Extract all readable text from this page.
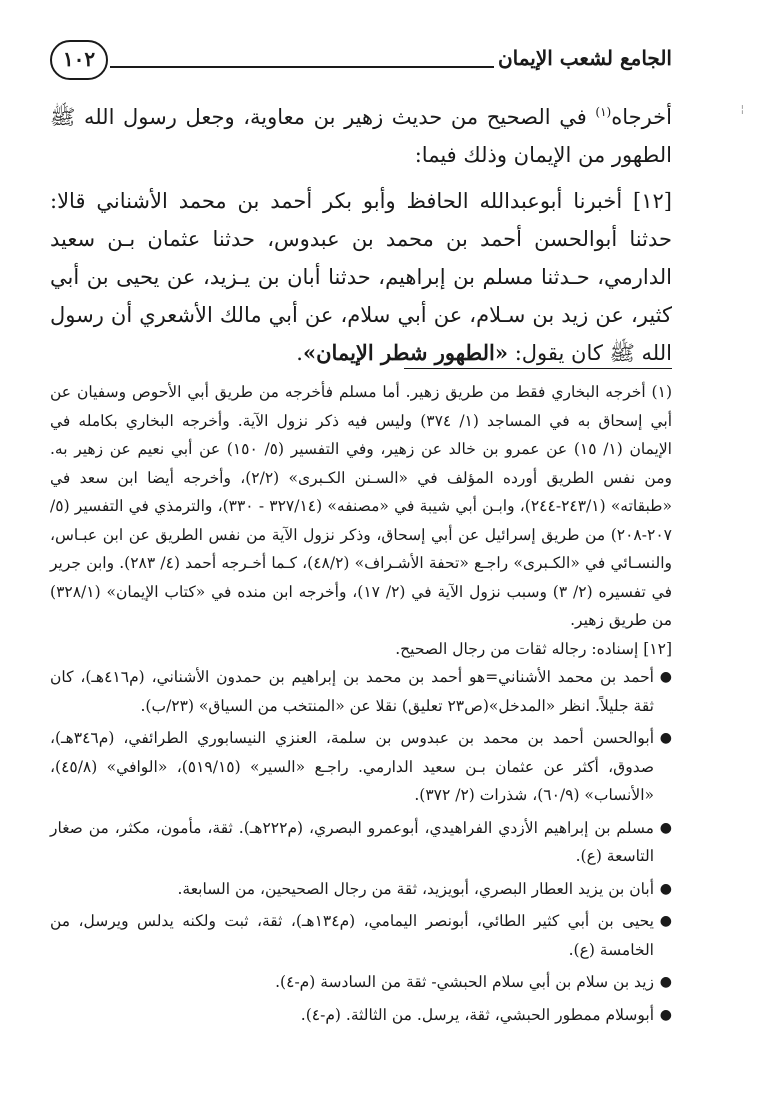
الجامع لشعب الإيمان
١٠٢
¦

أخرجاه$^{(١)}$ في الصحيح من حديث زهير بن معاوية، وجعل رسول الله ﷺ الطهور من الإيمان وذلك فيما:

[١٢] أخبرنا أبوعبدالله الحافظ وأبو بكر أحمد بن محمد الأشناني قالا: حدثنا أبوالحسن أحمد بن محمد بن عبدوس، حدثنا عثمان بـن سعيد الدارمي، حـدثنا مسلم بن إبراهيم، حدثنا أبان بن يـزيد، عن يحيى بن أبي كثير، عن زيد بن سـلام، عن أبي سلام، عن أبي مالك الأشعري أن رسول الله ﷺ كان يقول: «الطهور شطر الإيمان».

(١) أخرجه البخاري فقط من طريق زهير. أما مسلم فأخرجه من طريق أبي الأحوص وسفيان عن أبي إسحاق به في المساجد (١/ ٣٧٤) وليس فيه ذكر نزول الآية. وأخرجه البخاري بكامله في الإيمان (١/ ١٥) عن عمرو بن خالد عن زهير، وفي التفسير (٥/ ١٥٠) عن أبي نعيم عن زهير به. ومن نفس الطريق أورده المؤلف في «السـنن الكـبرى» (٢/٢)، وأخرجه أيضا ابن سعد في «طبقاته» (٢٤٣/١-٢٤٤)، وابـن أبي شيبة في «مصنفه» (٣٢٧/١٤ - ٣٣٠)، والترمذي في التفسير (٥/ ٢٠٧-٢٠٨) من طريق إسرائيل عن أبي إسحاق، وذكر نزول الآية من نفس الطريق عن ابن عبـاس، والنسـائي في «الكـبرى» راجـع «تحفة الأشـراف» (٤٨/٢)، كـما أخـرجه أحمد (٤/ ٢٨٣). وابن جرير في تفسيره (٢/ ٣) وسبب نزول الآية في (٢/ ١٧)، وأخرجه ابن منده في «كتاب الإيمان» (٣٢٨/١) من طريق زهير.

[١٢] إسناده: رجاله ثقات من رجال الصحيح.

●
أحمد بن محمد الأشناني=هو أحمد بن محمد بن إبراهيم بن حمدون الأشناني، (م٤١٦هـ)، كان ثقة جليلاً. انظر «المدخل»(ص٢٣ تعليق) نقلا عن «المنتخب من السياق» (٢٣/ب).
●
أبوالحسن أحمد بن محمد بن عبدوس بن سلمة، العنزي النيسابوري الطرائفي، (م٣٤٦هـ)، صدوق، أكثر عن عثمان بـن سعيد الدارمي. راجـع «السير» (٥١٩/١٥)، «الوافي» (٤٥/٨)، «الأنساب» (٦٠/٩)، شذرات (٢/ ٣٧٢).
●
مسلم بن إبراهيم الأزدي الفراهيدي، أبوعمرو البصري، (م٢٢٢هـ). ثقة، مأمون، مكثر، من صغار التاسعة (ع).
●
أبان بن يزيد العطار البصري، أبويزيد، ثقة من رجال الصحيحين، من السابعة.
●
يحيى بن أبي كثير الطائي، أبونصر اليمامي، (م١٣٤هـ)، ثقة، ثبت ولكنه يدلس ويرسل، من الخامسة (ع).
●
زيد بن سلام بن أبي سلام الحبشي- ثقة من السادسة (م-٤).
●
أبوسلام ممطور الحبشي، ثقة، يرسل. من الثالثة. (م-٤).
